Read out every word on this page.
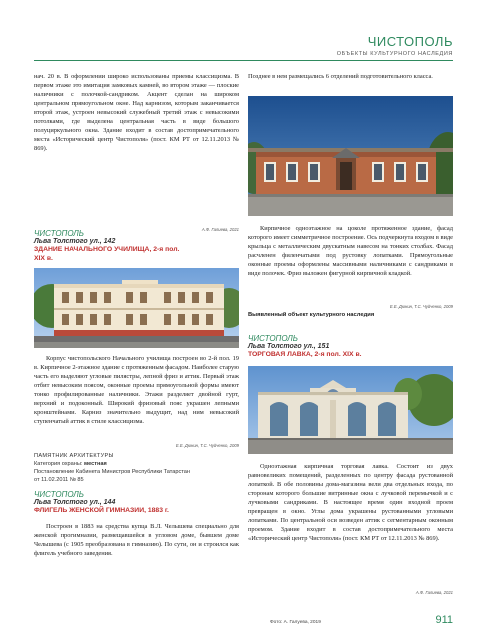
ЧИСТОПОЛЬ
ОБЪЕКТЫ КУЛЬТУРНОГО НАСЛЕДИЯ

нач. 20 в. В оформлении широко использованы приемы классицизма. В первом этаже это имитация замковых камней, во втором этаже — плоские наличники с полочкой-сандриком. Акцент сделан на широком центральном прямоугольном окне. Над карнизом, которым заканчивается второй этаж, устроен невысокий служебный третий этаж с невысокими потолками, где выделена центральная часть в виде большого полуциркульного окна. Здание входит в состав достопримечательного места «Исторический центр Чистополя» (пост. КМ РТ от 12.11.2013 № 869).

А.Ф. Галиева, 2021
ЧИСТОПОЛЬ
Льва Толстого ул., 142
ЗДАНИЕ НАЧАЛЬНОГО УЧИЛИЩА, 2-я пол. XIX в.

Корпус чистопольского Начального училища построен во 2-й пол. 19 в. Кирпичное 2-этажное здание с протяженным фасадом. Наиболее старую часть его выделяют угловые пилястры, лепной фриз и аттик. Первый этаж отбит невысоким поясом, оконные проемы прямоугольной формы имеют тонко профилированные наличники. Этажи разделяет двойной гурт, верхний и подоконный. Широкий фризовый пояс украшен лепными кронштейнами. Карниз значительно выдущит, над ним невысокий ступенчатый аттик в стиле классицизма.

Е.Е. Дюнин, Т.С. Чуйченко, 2009
ПАМЯТНИК АРХИТЕКТУРЫ
Категория охраны: местная
Постановление Кабинета Министров Республики Татарстан
от 11.02.2011 № 85
ЧИСТОПОЛЬ
Льва Толстого ул., 144
ФЛИГЕЛЬ ЖЕНСКОЙ ГИМНАЗИИ, 1883 г.

Построен в 1883 на средства купца В.Л. Челышева специально для женской прогимназии, размещавшейся в угловом доме, бывшем доме Челышева (с 1905 преобразована в гимназию). По сути, он и строился как флигель учебного заведения.

Позднее в нем размещались 6 отделений подготовительного класса.

Кирпичное одноэтажное на цоколе протяженное здание, фасад которого имеет симметричное построение. Ось подчеркнута входом в виде крыльца с металлическим двускатным навесом на тонких столбах. Фасад расчленен филенчатыми под рустовку лопатками. Прямоугольные оконные проемы оформлены массивными наличниками с сандриками в виде полочек. Фриз выложен фигурной кирпичной кладкой.

Е.Е. Дюнин, Т.С. Чуйченко, 2009
Выявленный объект культурного наследия
ЧИСТОПОЛЬ
Льва Толстого ул., 151
ТОРГОВАЯ ЛАВКА, 2-я пол. XIX в.

Одноэтажная кирпичная торговая лавка. Состоит из двух равновеликих помещений, разделенных по центру фасада рустованной лопаткой. В обе половины дома-магазина вели два отдельных входа, по сторонам которого большие витринные окна с лучковой перемычкой и с лучковыми сандриками. В настоящее время один входной проем превращен в окно. Углы дома украшены рустованными угловыми лопатками. По центральной оси возведен аттик с сегментарным оконным проемом. Здание входит в состав достопримечательного места «Исторический центр Чистополя» (пост. КМ РТ от 12.11.2013 № 869).

А.Ф. Галиева, 2021
Фото: А. Галуева, 2019	911
